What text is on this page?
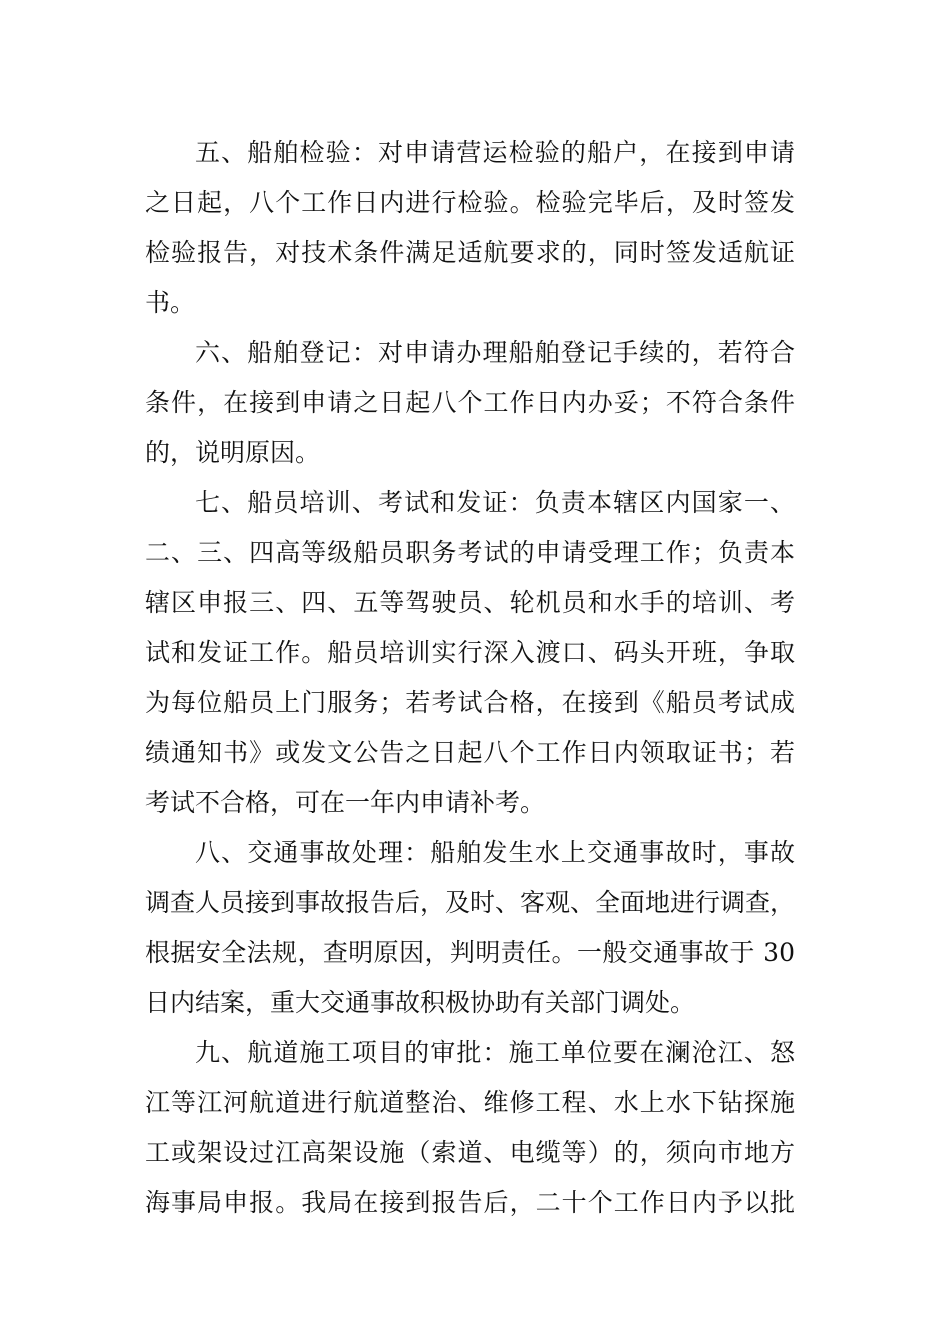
五、船舶检验：对申请营运检验的船户，在接到申请
之日起，八个工作日内进行检验。检验完毕后，及时签发
检验报告，对技术条件满足适航要求的，同时签发适航证
书。
六、船舶登记：对申请办理船舶登记手续的，若符合
条件，在接到申请之日起八个工作日内办妥；不符合条件
的，说明原因。
七、船员培训、考试和发证：负责本辖区内国家一、
二、三、四高等级船员职务考试的申请受理工作；负责本
辖区申报三、四、五等驾驶员、轮机员和水手的培训、考
试和发证工作。船员培训实行深入渡口、码头开班，争取
为每位船员上门服务；若考试合格，在接到《船员考试成
绩通知书》或发文公告之日起八个工作日内领取证书；若
考试不合格，可在一年内申请补考。
八、交通事故处理：船舶发生水上交通事故时，事故
调查人员接到事故报告后，及时、客观、全面地进行调查，
根据安全法规，查明原因，判明责任。一般交通事故于 30
日内结案，重大交通事故积极协助有关部门调处。
九、航道施工项目的审批：施工单位要在澜沧江、怒
江等江河航道进行航道整治、维修工程、水上水下钻探施
工或架设过江高架设施（索道、电缆等）的，须向市地方
海事局申报。我局在接到报告后，二十个工作日内予以批
